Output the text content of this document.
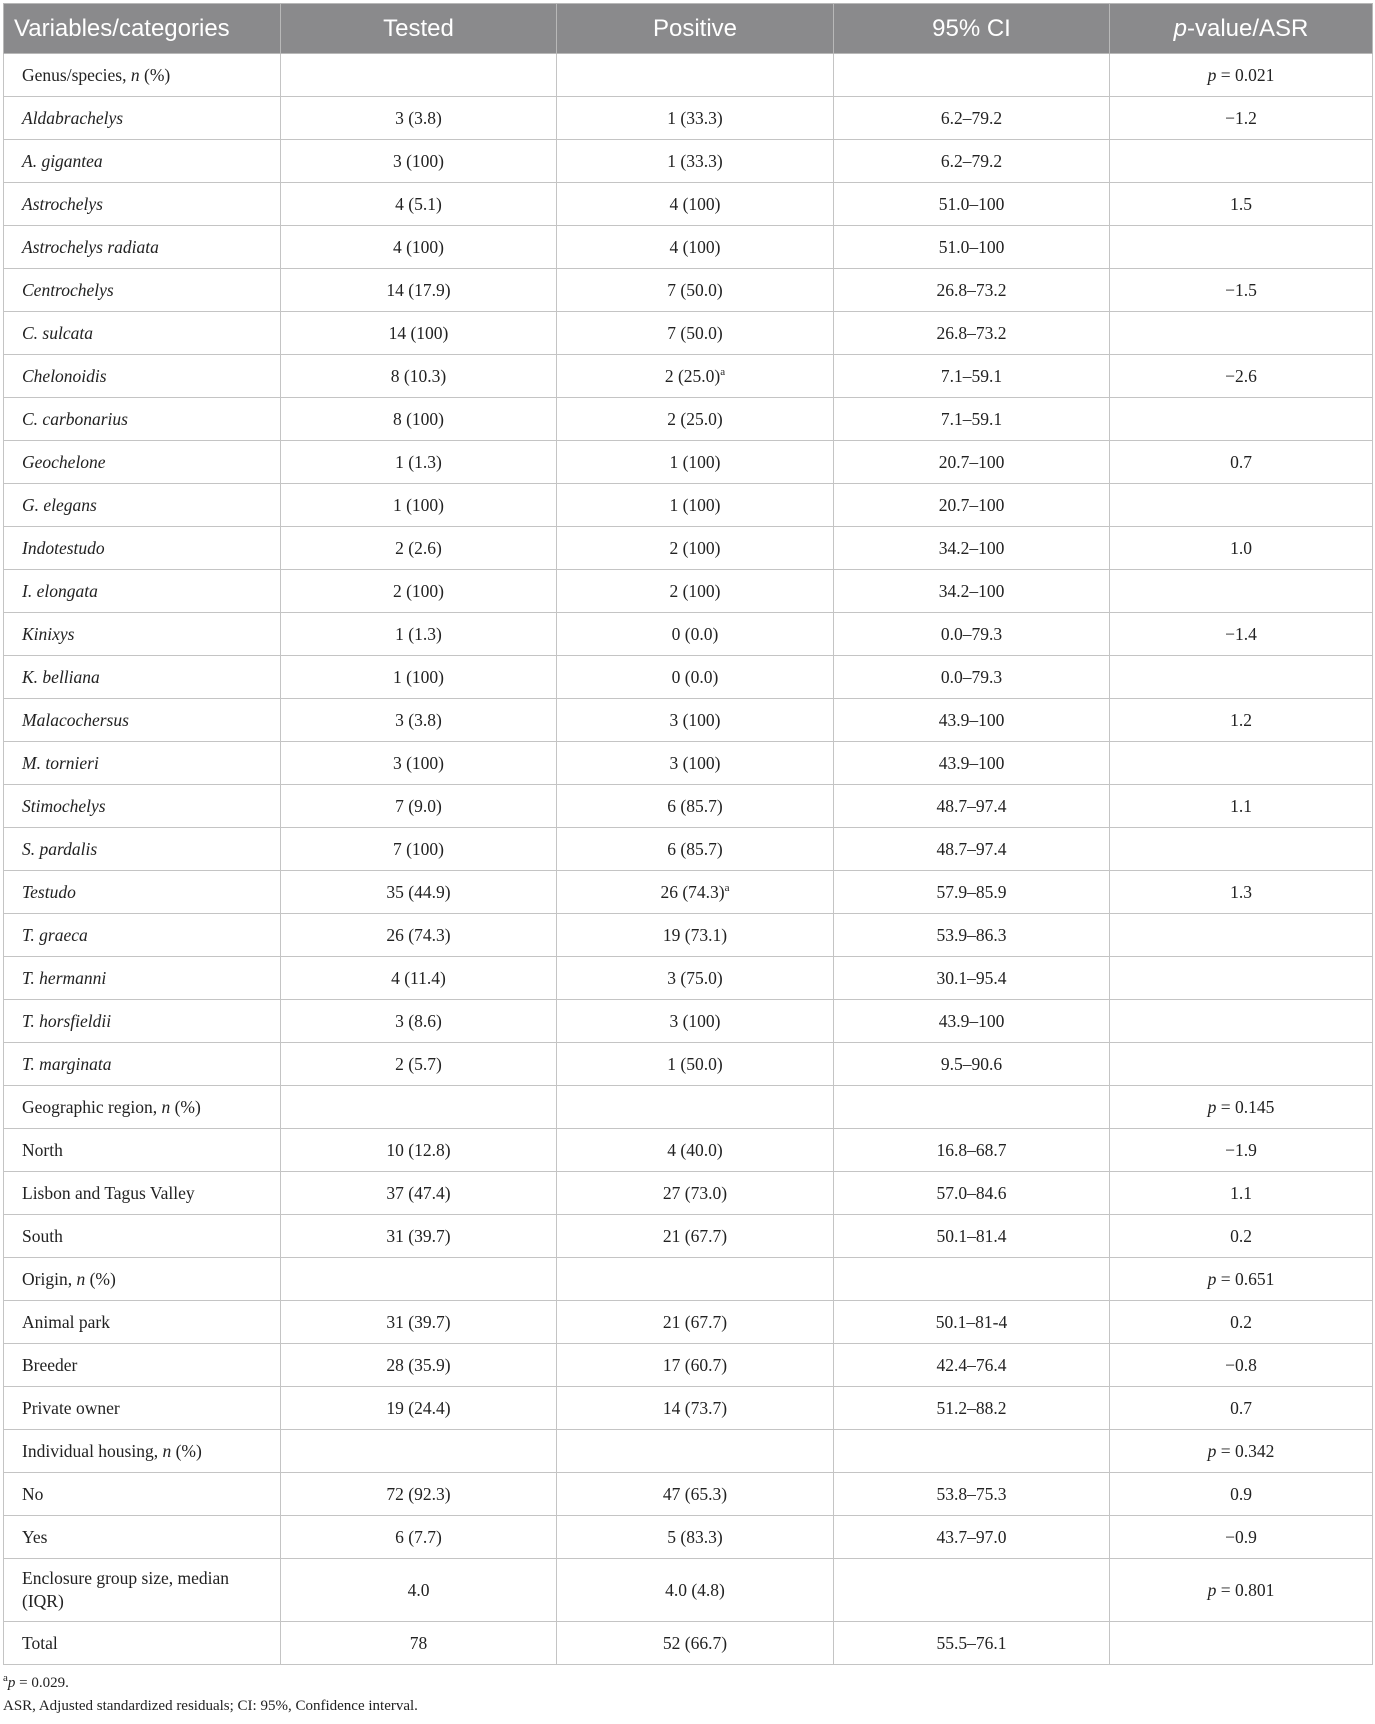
Variables/categories	Tested	Positive	95% CI	p-value/ASR
Genus/species, n (%)				p = 0.021
Aldabrachelys	3 (3.8)	1 (33.3)	6.2–79.2	−1.2
A. gigantea	3 (100)	1 (33.3)	6.2–79.2	
Astrochelys	4 (5.1)	4 (100)	51.0–100	1.5
Astrochelys radiata	4 (100)	4 (100)	51.0–100	
Centrochelys	14 (17.9)	7 (50.0)	26.8–73.2	−1.5
C. sulcata	14 (100)	7 (50.0)	26.8–73.2	
Chelonoidis	8 (10.3)	2 $(25.0)^a$	7.1–59.1	−2.6
C. carbonarius	8 (100)	2 (25.0)	7.1–59.1	
Geochelone	1 (1.3)	1 (100)	20.7–100	0.7
G. elegans	1 (100)	1 (100)	20.7–100	
Indotestudo	2 (2.6)	2 (100)	34.2–100	1.0
I. elongata	2 (100)	2 (100)	34.2–100	
Kinixys	1 (1.3)	0 (0.0)	0.0–79.3	−1.4
K. belliana	1 (100)	0 (0.0)	0.0–79.3	
Malacochersus	3 (3.8)	3 (100)	43.9–100	1.2
M. tornieri	3 (100)	3 (100)	43.9–100	
Stimochelys	7 (9.0)	6 (85.7)	48.7–97.4	1.1
S. pardalis	7 (100)	6 (85.7)	48.7–97.4	
Testudo	35 (44.9)	26 $(74.3)^a$	57.9–85.9	1.3
T. graeca	26 (74.3)	19 (73.1)	53.9–86.3	
T. hermanni	4 (11.4)	3 (75.0)	30.1–95.4	
T. horsfieldii	3 (8.6)	3 (100)	43.9–100	
T. marginata	2 (5.7)	1 (50.0)	9.5–90.6	
Geographic region, n (%)				p = 0.145
North	10 (12.8)	4 (40.0)	16.8–68.7	−1.9
Lisbon and Tagus Valley	37 (47.4)	27 (73.0)	57.0–84.6	1.1
South	31 (39.7)	21 (67.7)	50.1–81.4	0.2
Origin, n (%)				p = 0.651
Animal park	31 (39.7)	21 (67.7)	50.1–81-4	0.2
Breeder	28 (35.9)	17 (60.7)	42.4–76.4	−0.8
Private owner	19 (24.4)	14 (73.7)	51.2–88.2	0.7
Individual housing, n (%)				p = 0.342
No	72 (92.3)	47 (65.3)	53.8–75.3	0.9
Yes	6 (7.7)	5 (83.3)	43.7–97.0	−0.9
Enclosure group size, median (IQR)	4.0	4.0 (4.8)		p = 0.801
Total	78	52 (66.7)	55.5–76.1	
$^a$p = 0.029.
ASR, Adjusted standardized residuals; CI: 95%, Confidence interval.
